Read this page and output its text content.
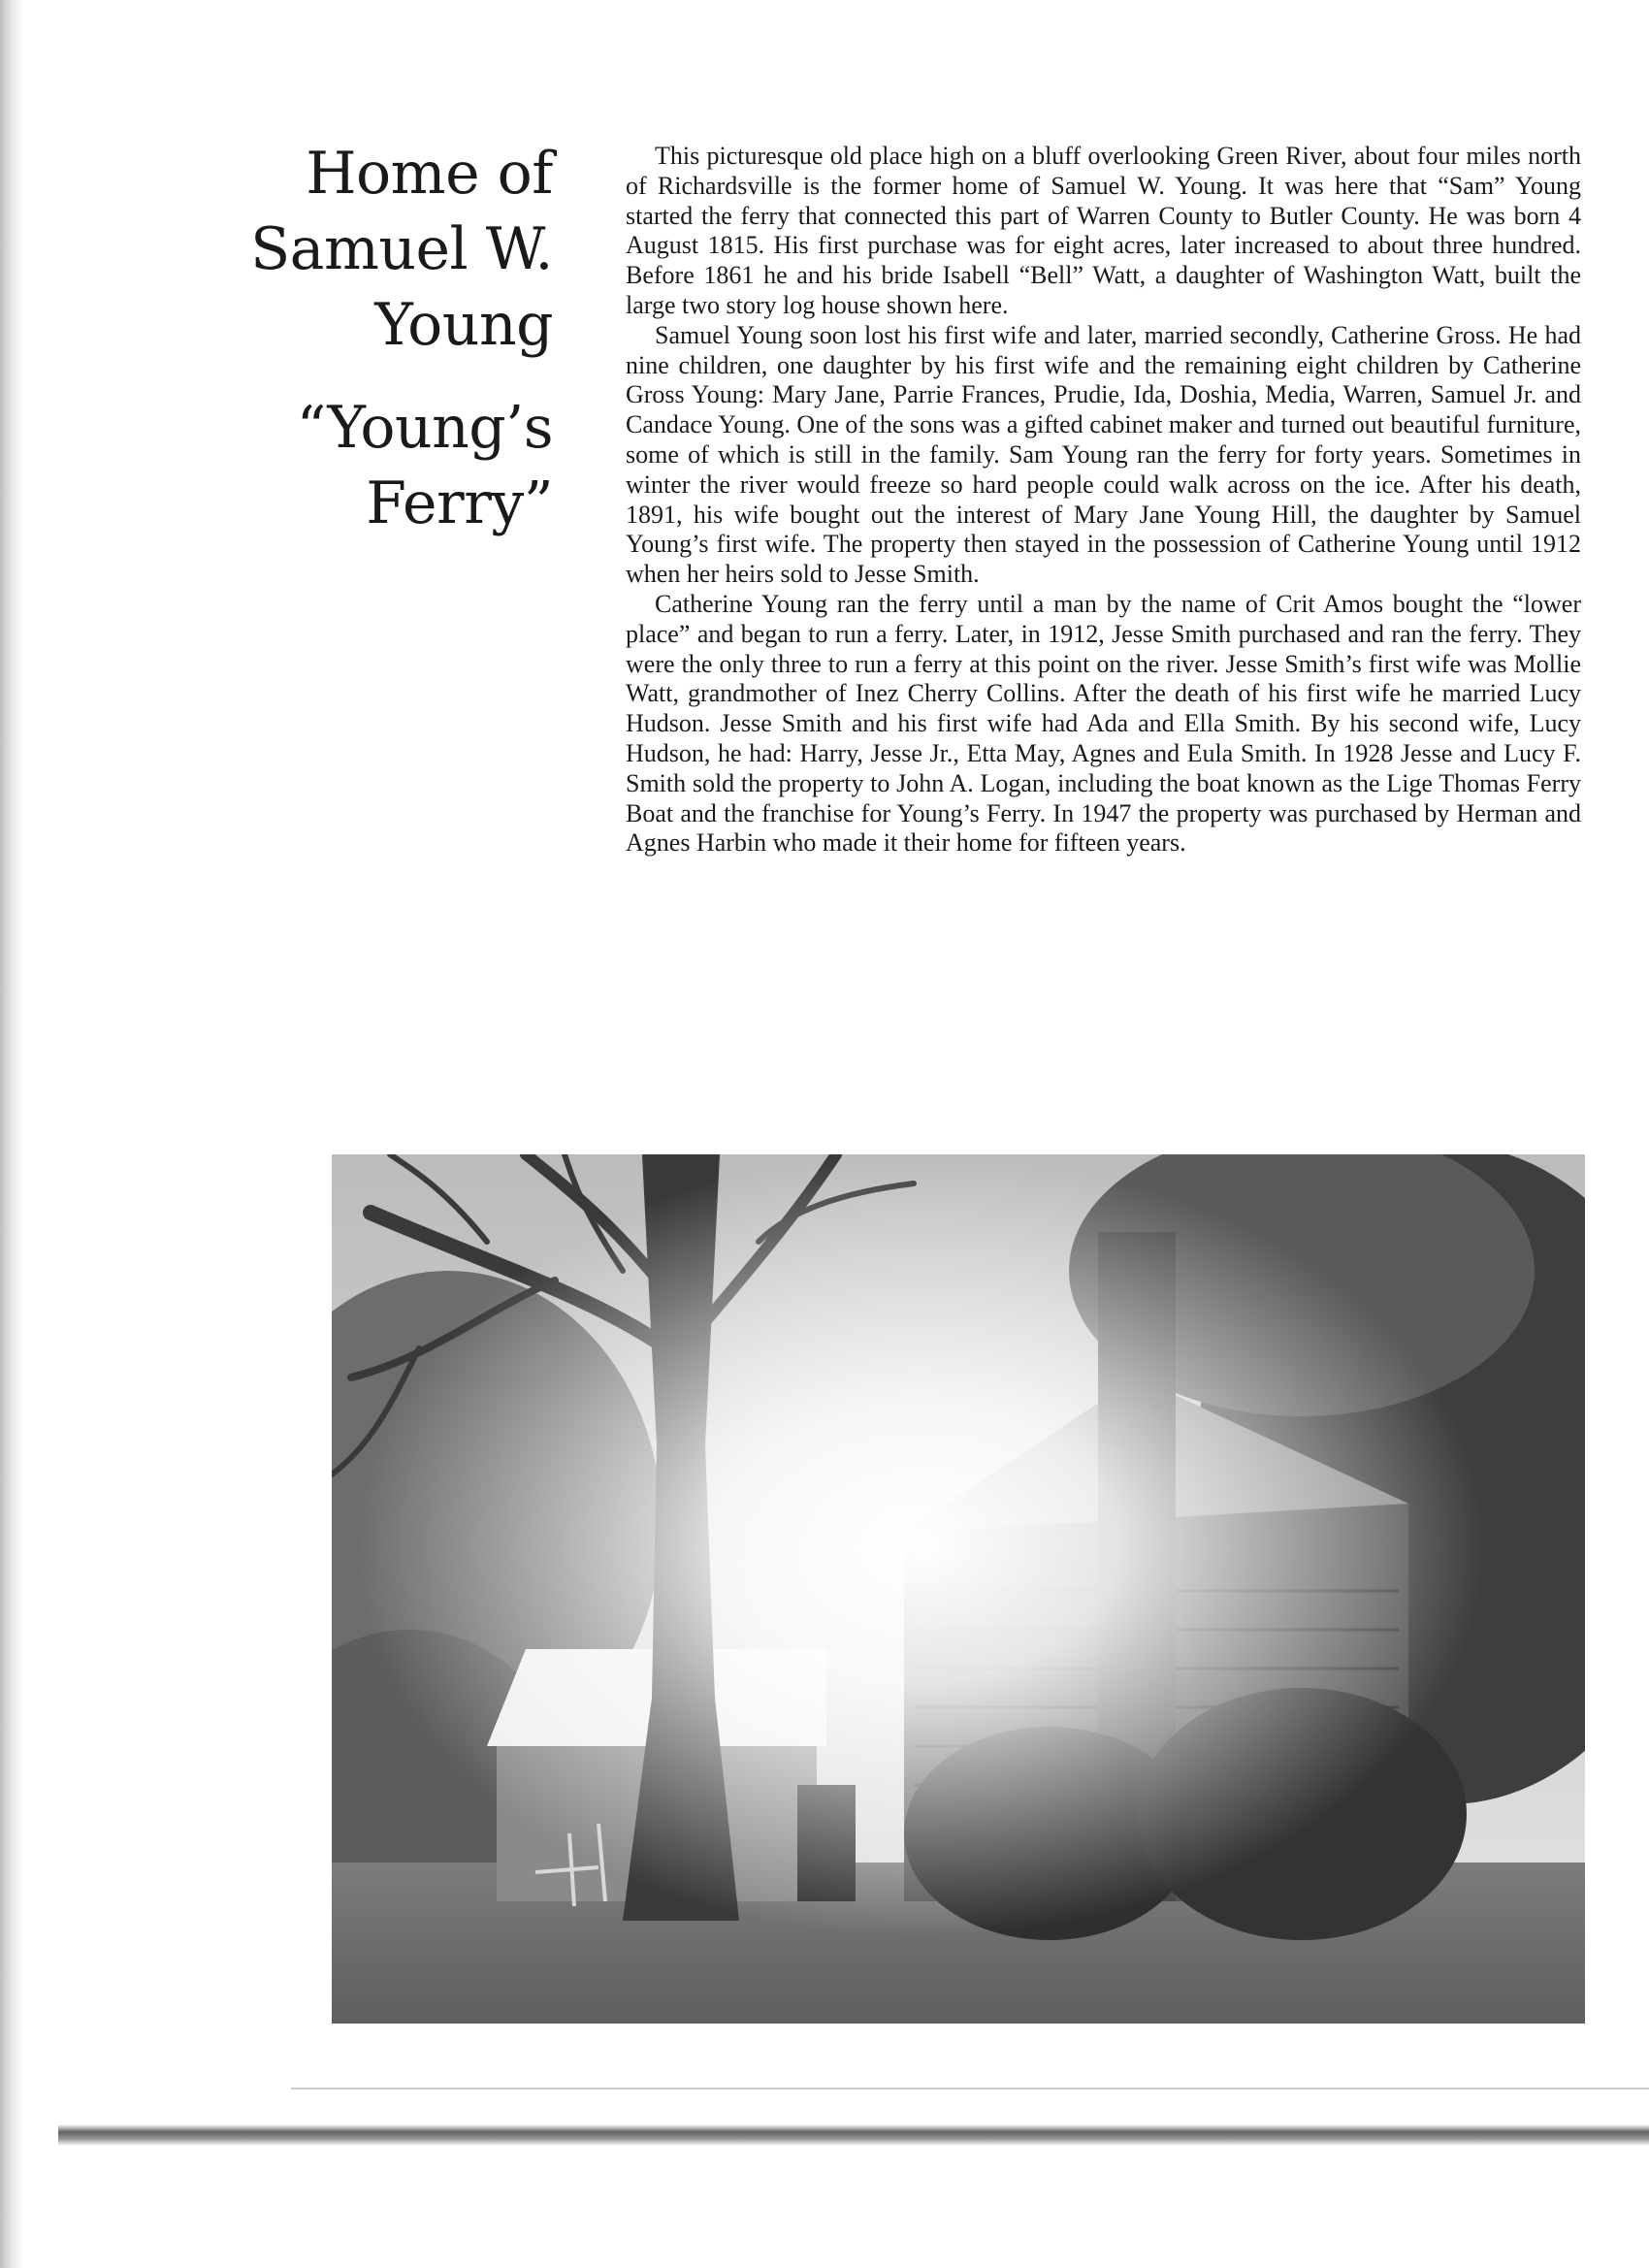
Home of
Samuel W.
Young
“Young’s
Ferry”

This picturesque old place high on a bluff overlooking Green River, about four miles north of Richardsville is the former home of Samuel W. Young. It was here that “Sam” Young started the ferry that connected this part of Warren County to Butler County. He was born 4 August 1815. His first purchase was for eight acres, later increased to about three hundred. Before 1861 he and his bride Isabell “Bell” Watt, a daughter of Washington Watt, built the large two story log house shown here.

Samuel Young soon lost his first wife and later, married secondly, Catherine Gross. He had nine children, one daughter by his first wife and the remaining eight children by Catherine Gross Young: Mary Jane, Parrie Frances, Prudie, Ida, Doshia, Media, Warren, Samuel Jr. and Candace Young. One of the sons was a gifted cabinet maker and turned out beautiful furniture, some of which is still in the family. Sam Young ran the ferry for forty years. Sometimes in winter the river would freeze so hard people could walk across on the ice. After his death, 1891, his wife bought out the interest of Mary Jane Young Hill, the daughter by Samuel Young’s first wife. The property then stayed in the possession of Catherine Young until 1912 when her heirs sold to Jesse Smith.

Catherine Young ran the ferry until a man by the name of Crit Amos bought the “lower place” and began to run a ferry. Later, in 1912, Jesse Smith purchased and ran the ferry. They were the only three to run a ferry at this point on the river. Jesse Smith’s first wife was Mollie Watt, grandmother of Inez Cherry Collins. After the death of his first wife he married Lucy Hudson. Jesse Smith and his first wife had Ada and Ella Smith. By his second wife, Lucy Hudson, he had: Harry, Jesse Jr., Etta May, Agnes and Eula Smith. In 1928 Jesse and Lucy F. Smith sold the property to John A. Logan, including the boat known as the Lige Thomas Ferry Boat and the franchise for Young’s Ferry. In 1947 the property was purchased by Herman and Agnes Harbin who made it their home for fifteen years.
